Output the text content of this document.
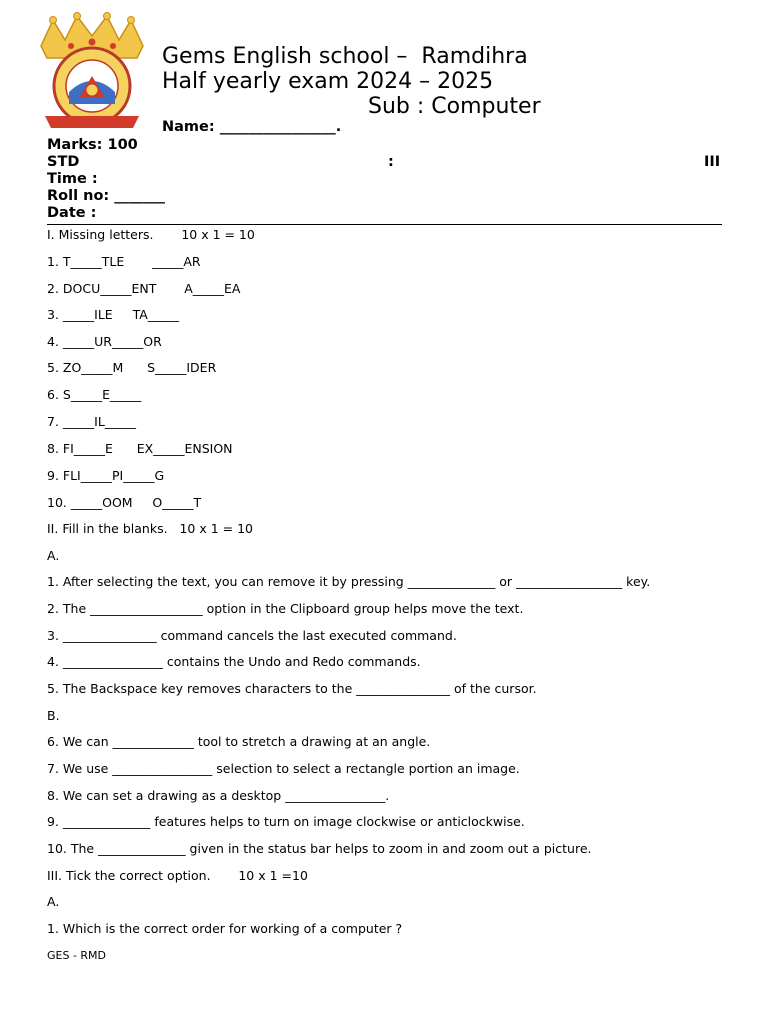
Gems English school –  Ramdihra
Half yearly exam 2024 – 2025
Sub : Computer
Name: ________________.
Marks: 100
STD	:	III
Time :
Roll no: _______
Date :
I. Missing letters.       10 x 1 = 10
1. T_____TLE       _____AR
2. DOCU_____ENT       A_____EA
3. _____ILE     TA_____
4. _____UR_____OR
5. ZO_____M      S_____IDER
6. S_____E_____
7. _____IL_____
8. FI_____E      EX_____ENSION
9. FLI_____PI_____G
10. _____OOM     O_____T
II. Fill in the blanks.   10 x 1 = 10
A.
1. After selecting the text, you can remove it by pressing ______________ or _________________ key.
2. The __________________ option in the Clipboard group helps move the text.
3. _______________ command cancels the last executed command.
4. ________________ contains the Undo and Redo commands.
5. The Backspace key removes characters to the _______________ of the cursor.
B.
6. We can _____________ tool to stretch a drawing at an angle.
7. We use ________________ selection to select a rectangle portion an image.
8. We can set a drawing as a desktop ________________.
9. ______________ features helps to turn on image clockwise or anticlockwise.
10. The ______________ given in the status bar helps to zoom in and zoom out a picture.
III. Tick the correct option.       10 x 1 =10
A.
1. Which is the correct order for working of a computer ?
GES - RMD
